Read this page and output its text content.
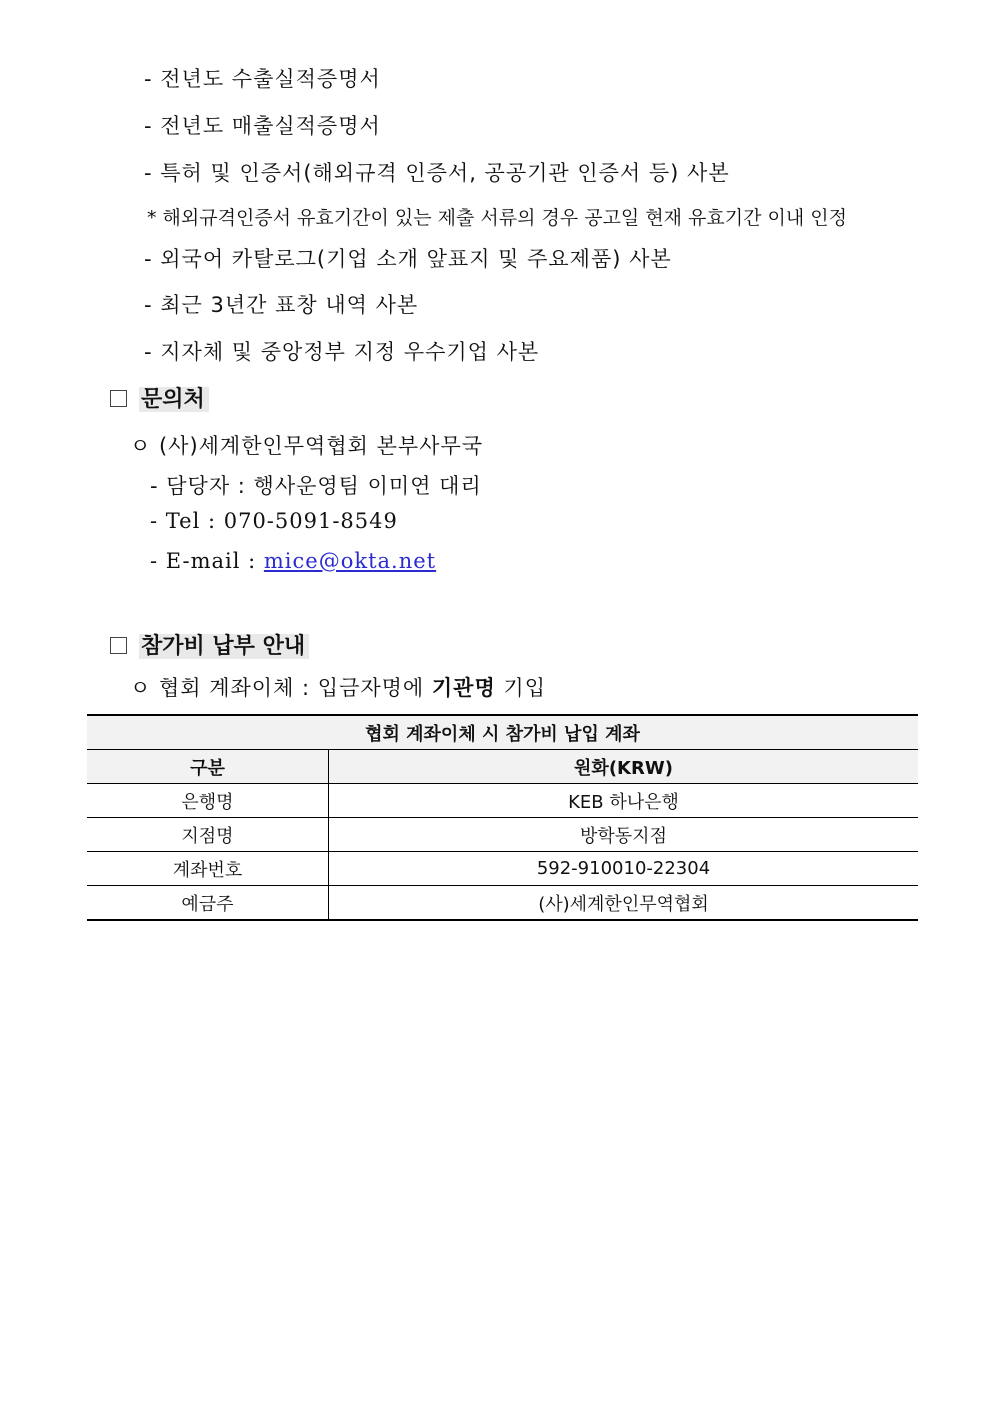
- 전년도 수출실적증명서
- 전년도 매출실적증명서
- 특허 및 인증서(해외규격 인증서, 공공기관 인증서 등) 사본
* 해외규격인증서 유효기간이 있는 제출 서류의 경우 공고일 현재 유효기간 이내 인정
- 외국어 카탈로그(기업 소개 앞표지 및 주요제품) 사본
- 최근 3년간 표창 내역 사본
- 지자체 및 중앙정부 지정 우수기업 사본
문의처
ㅇ (사)세계한인무역협회 본부사무국
- 담당자 : 행사운영팀 이미연 대리
- Tel : 070-5091-8549
- E-mail : mice@okta.net
참가비 납부 안내
ㅇ 협회 계좌이체 : 입금자명에 기관명 기입
협회 계좌이체 시 참가비 납입 계좌	
구분	원화(KRW)
은행명	KEB 하나은행
지점명	방학동지점
계좌번호	592-910010-22304
예금주	(사)세계한인무역협회
